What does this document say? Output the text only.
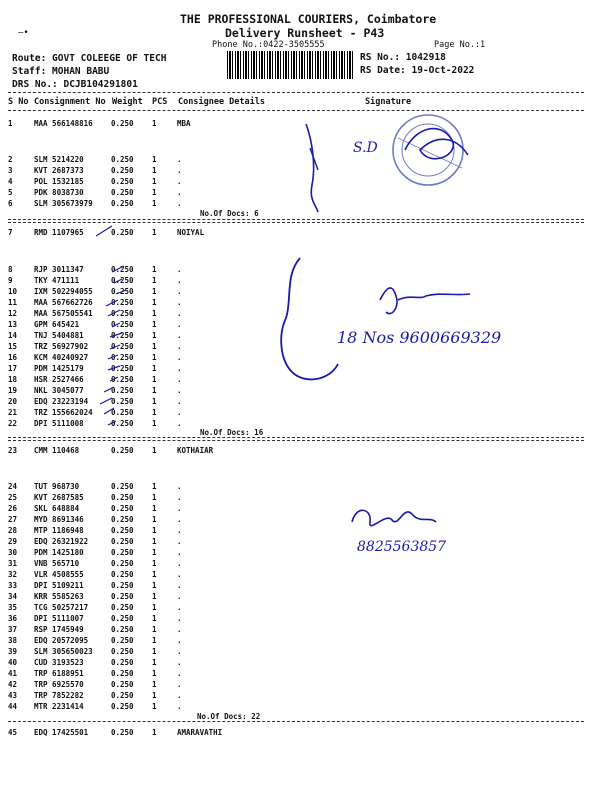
THE PROFESSIONAL COURIERS, Coimbatore
Delivery Runsheet - P43
Phone No.:0422-3505555	Page No.:1
–•
Route: GOVT COLEEGE OF TECH
Staff: MOHAN BABU
DRS No.: DCJB104291801
RS No.: 1042918
RS Date: 19-Oct-2022
S No Consignment No Weight PCS Consignee Details	Signature
1	MAA 566148816 0.250 1	MBA
2	SLM 5214220	0.250 1	.
3	KVT 2687373	0.250 1	.
4	POL 1532185	0.250 1	.
5	PDK 8038730	0.250 1	.
6	SLM 305673979 0.250 1	.
No.Of Docs: 6
7	RMD 1107965	0.250 1	NOIYAL
8	RJP 3011347	0.250 1	.
9	TKY 471111	0.250 1	.
10 IXM 502294055 0.250 1	.
11 MAA 567662726 0.250 1	.
12 MAA 567505541 0.250 1	.
13 GPM 645421	0.250 1	.
14 TNJ 5404881	0.250 1	.
15 TRZ 56927902	0.250 1	.
16 KCM 40240927	0.250 1	.
17 PDM 1425179	0.250 1	.
18 HSR 2527466	0.250 1	.
19 NKL 3045077	0.250 1	.
20 EDQ 23223194	0.250 1	.
21 TRZ 155662024 0.250 1	.
22 DPI 5111008	0.250 1	.
No.Of Docs: 16
23 CMM 110468	0.250 1	KOTHAIAR
24 TUT 968730	0.250 1	.
25 KVT 2687585	0.250 1	.
26 SKL 648884	0.250 1	.
27 MYD 8691346	0.250 1	.
28 MTP 1186948	0.250 1	.
29 EDQ 26321922	0.250 1	.
30 PDM 1425180	0.250 1	.
31 VNB 565710	0.250 1	.
32 VLR 4508555	0.250 1	.
33 DPI 5109211	0.250 1	.
34 KRR 5585263	0.250 1	.
35 TCG 50257217	0.250 1	.
36 DPI 5111007	0.250 1	.
37 RSP 1745949	0.250 1	.
38 EDQ 20572095	0.250 1	.
39 SLM 305650023 0.250 1	.
40 CUD 3193523	0.250 1	.
41 TRP 6188951	0.250 1	.
42 TRP 6925570	0.250 1	.
43 TRP 7852282	0.250 1	.
44 MTR 2231414	0.250 1	.
No.Of Docs: 22
45 EDQ 17425501	0.250 1	AMARAVATHI
S.D
18 Nos 9600669329
8825563857
